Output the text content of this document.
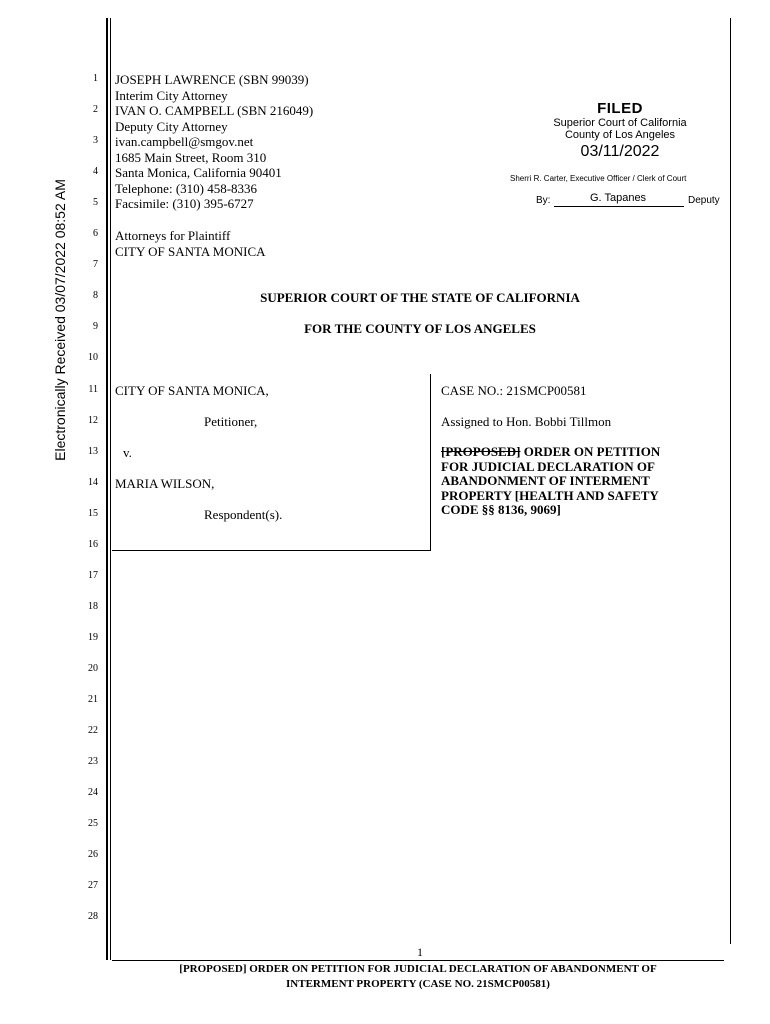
Electronically Received 03/07/2022 08:52 AM
1
2
3
4
5
6
7
8
9
10
11
12
13
14
15
16
17
18
19
20
21
22
23
24
25
26
27
28
JOSEPH LAWRENCE (SBN 99039)
Interim City Attorney
IVAN O. CAMPBELL (SBN 216049)
Deputy City Attorney
ivan.campbell@smgov.net
1685 Main Street, Room 310
Santa Monica, California 90401
Telephone: (310) 458-8336
Facsimile: (310) 395-6727
Attorneys for Plaintiff
CITY OF SANTA MONICA
FILED
Superior Court of California
County of Los Angeles
03/11/2022
Sherri R. Carter, Executive Officer / Clerk of Court
By:	G. Tapanes	Deputy
SUPERIOR COURT OF THE STATE OF CALIFORNIA
FOR THE COUNTY OF LOS ANGELES
CITY OF SANTA MONICA,
Petitioner,
v.
MARIA WILSON,
Respondent(s).
CASE NO.: 21SMCP00581
Assigned to Hon. Bobbi Tillmon
[PROPOSED] ORDER ON PETITION
FOR JUDICIAL DECLARATION OF
ABANDONMENT OF INTERMENT
PROPERTY [HEALTH AND SAFETY
CODE §§ 8136, 9069]
1
[PROPOSED] ORDER ON PETITION FOR JUDICIAL DECLARATION OF ABANDONMENT OF
INTERMENT PROPERTY (CASE NO. 21SMCP00581)
